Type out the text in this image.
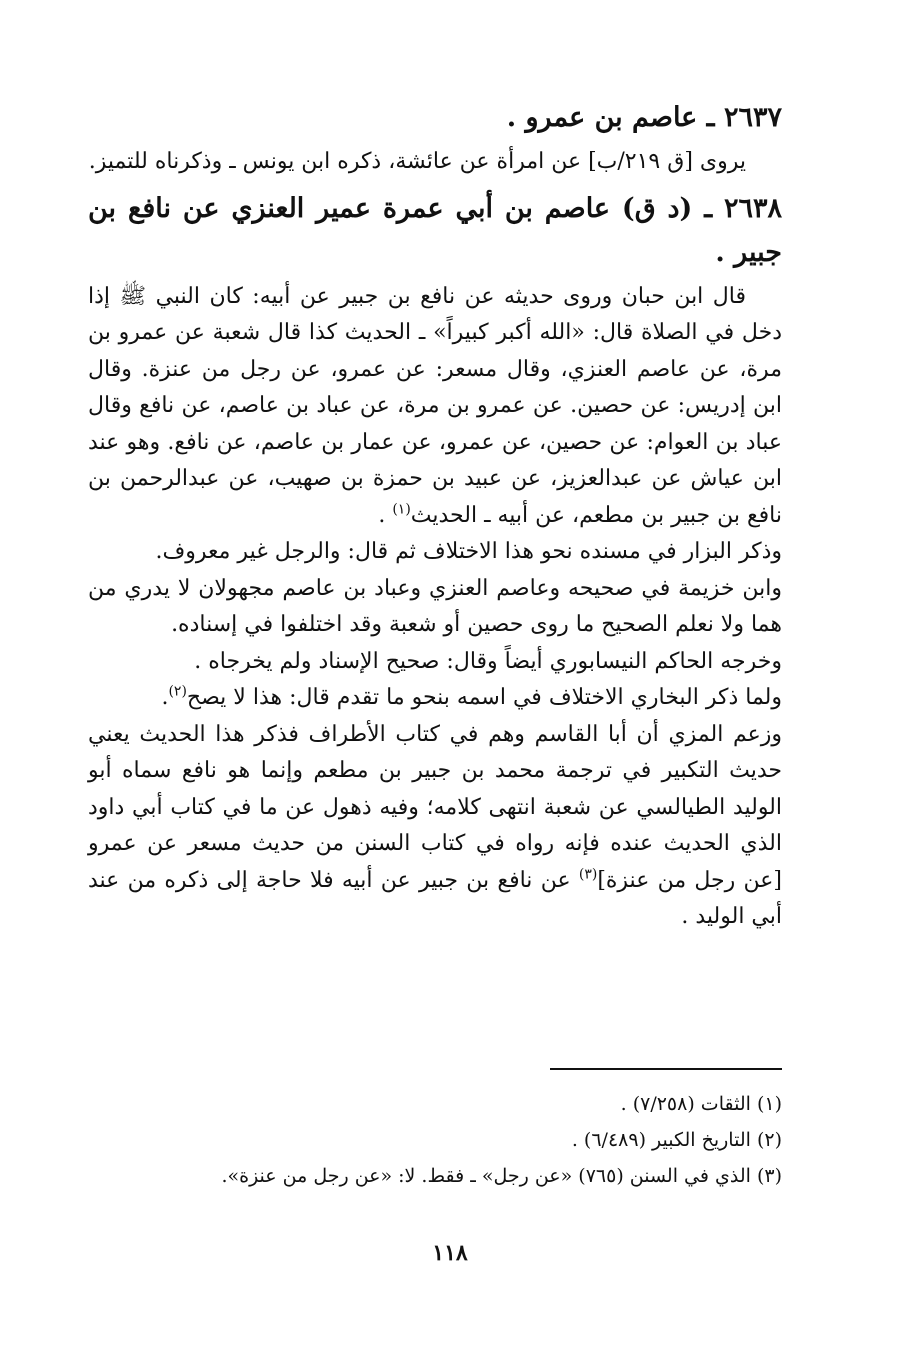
٢٦٣٧ ـ عاصم بن عمرو .

يروى [ق ٢١٩/ب] عن امرأة عن عائشة، ذكره ابن يونس ـ وذكرناه للتميز.

٢٦٣٨ ـ (د ق) عاصم بن أبي عمرة عمير العنزي عن نافع بن جبير .

قال ابن حبان وروى حديثه عن نافع بن جبير عن أبيه: كان النبي ﷺ إذا دخل في الصلاة قال: «الله أكبر كبيراً» ـ الحديث كذا قال شعبة عن عمرو بن مرة، عن عاصم العنزي، وقال مسعر: عن عمرو، عن رجل من عنزة. وقال ابن إدريس: عن حصين. عن عمرو بن مرة، عن عباد بن عاصم، عن نافع وقال عباد بن العوام: عن حصين، عن عمرو، عن عمار بن عاصم، عن نافع. وهو عند ابن عياش عن عبدالعزيز، عن عبيد بن حمزة بن صهيب، عن عبدالرحمن بن نافع بن جبير بن مطعم، عن أبيه ـ الحديث$^{(١)}$ .

وذكر البزار في مسنده نحو هذا الاختلاف ثم قال: والرجل غير معروف.

وابن خزيمة في صحيحه وعاصم العنزي وعباد بن عاصم مجهولان لا يدري من هما ولا نعلم الصحيح ما روى حصين أو شعبة وقد اختلفوا في إسناده.

وخرجه الحاكم النيسابوري أيضاً وقال: صحيح الإسناد ولم يخرجاه .

ولما ذكر البخاري الاختلاف في اسمه بنحو ما تقدم قال: هذا لا يصح$^{(٢)}$.

وزعم المزي أن أبا القاسم وهم في كتاب الأطراف فذكر هذا الحديث يعني حديث التكبير في ترجمة محمد بن جبير بن مطعم وإنما هو نافع سماه أبو الوليد الطيالسي عن شعبة انتهى كلامه؛ وفيه ذهول عن ما في كتاب أبي داود الذي الحديث عنده فإنه رواه في كتاب السنن من حديث مسعر عن عمرو [عن رجل من عنزة]$^{(٣)}$ عن نافع بن جبير عن أبيه فلا حاجة إلى ذكره من عند أبي الوليد .

(١) الثقات (٧/٢٥٨) .

(٢) التاريخ الكبير (٦/٤٨٩) .

(٣) الذي في السنن (٧٦٥) «عن رجل» ـ فقط. لا: «عن رجل من عنزة».

١١٨
